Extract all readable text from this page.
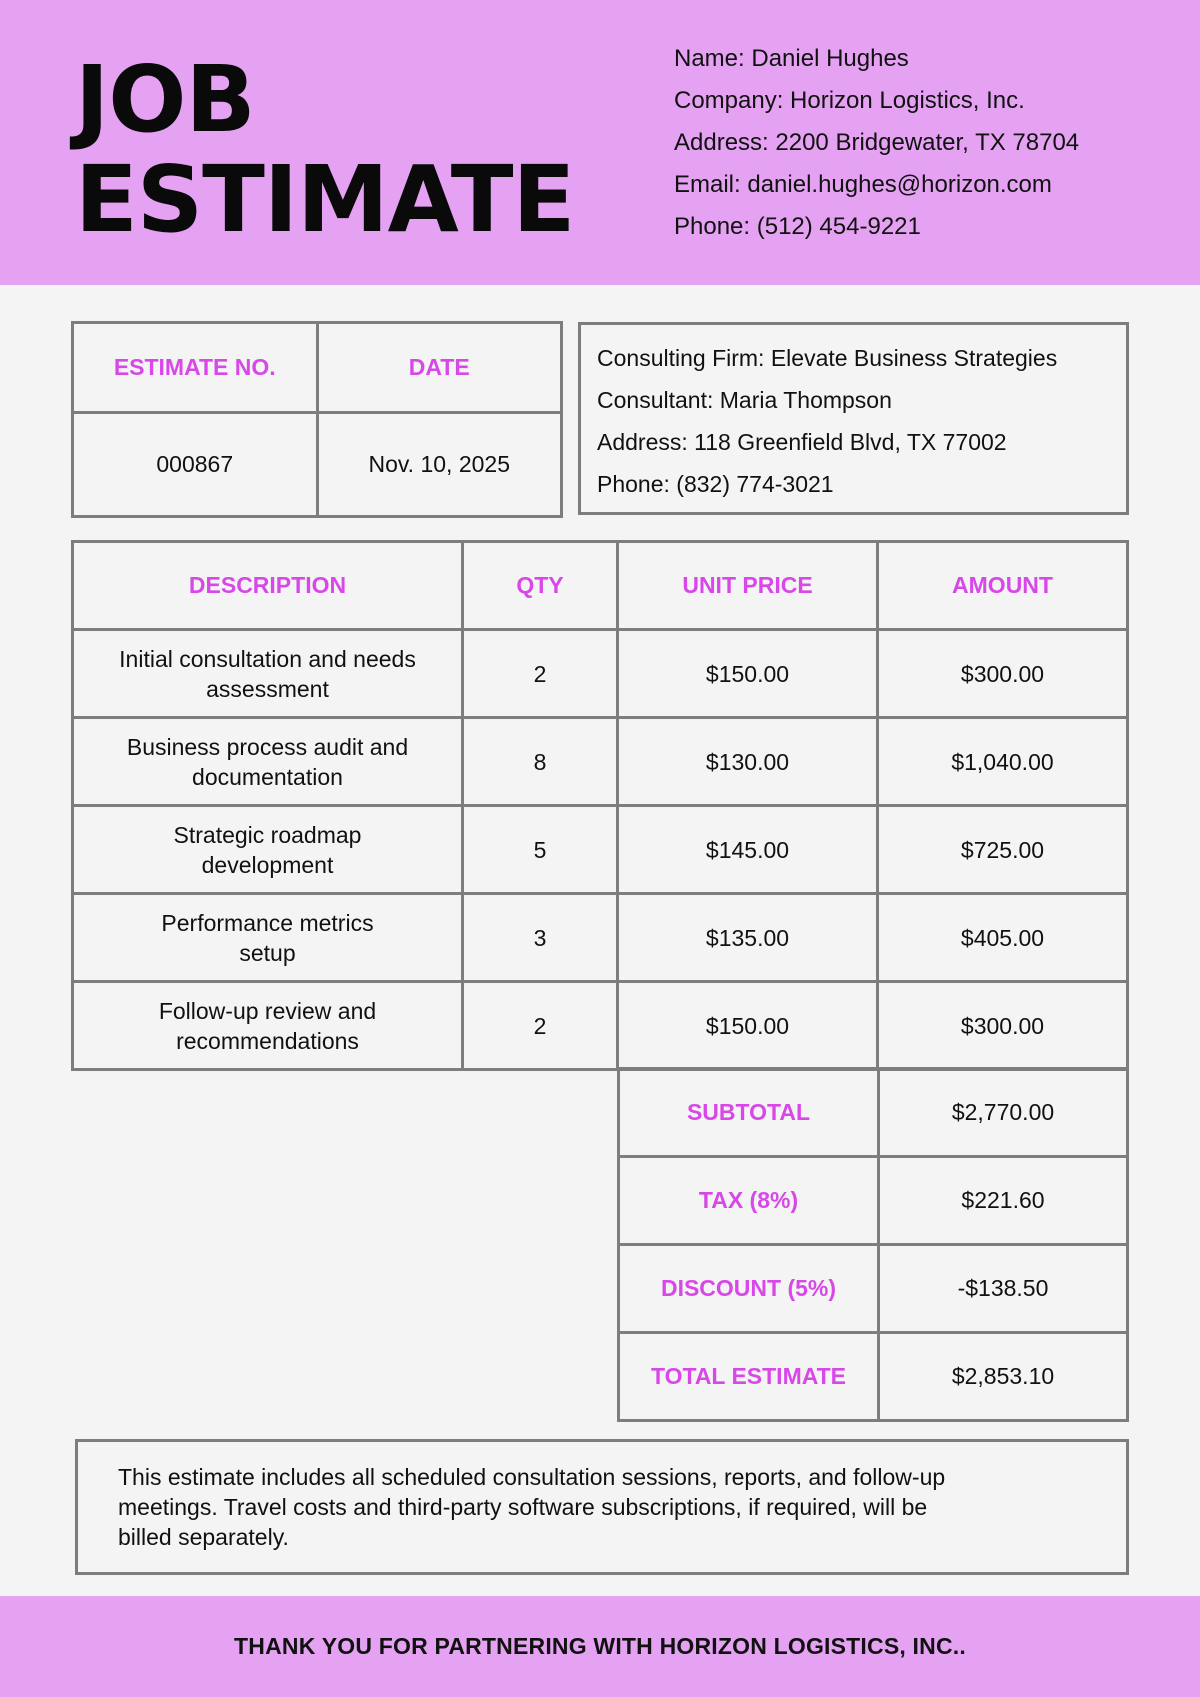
JOB
ESTIMATE
Name: Daniel Hughes
Company: Horizon Logistics, Inc.
Address: 2200 Bridgewater, TX 78704
Email: daniel.hughes@horizon.com
Phone: (512) 454-9221
ESTIMATE NO.	DATE
000867	Nov. 10, 2025
Consulting Firm: Elevate Business Strategies
Consultant: Maria Thompson
Address: 118 Greenfield Blvd, TX 77002
Phone: (832) 774-3021
DESCRIPTION	QTY	UNIT PRICE	AMOUNT
Initial consultation and needs
assessment	2	$150.00	$300.00
Business process audit and
documentation	8	$130.00	$1,040.00
Strategic roadmap
development	5	$145.00	$725.00
Performance metrics
setup	3	$135.00	$405.00
Follow-up review and
recommendations	2	$150.00	$300.00
SUBTOTAL	$2,770.00
TAX (8%)	$221.60
DISCOUNT (5%)	-$138.50
TOTAL ESTIMATE	$2,853.10
This estimate includes all scheduled consultation sessions, reports, and follow-up
meetings. Travel costs and third-party software subscriptions, if required, will be
billed separately.
THANK YOU FOR PARTNERING WITH HORIZON LOGISTICS, INC..
